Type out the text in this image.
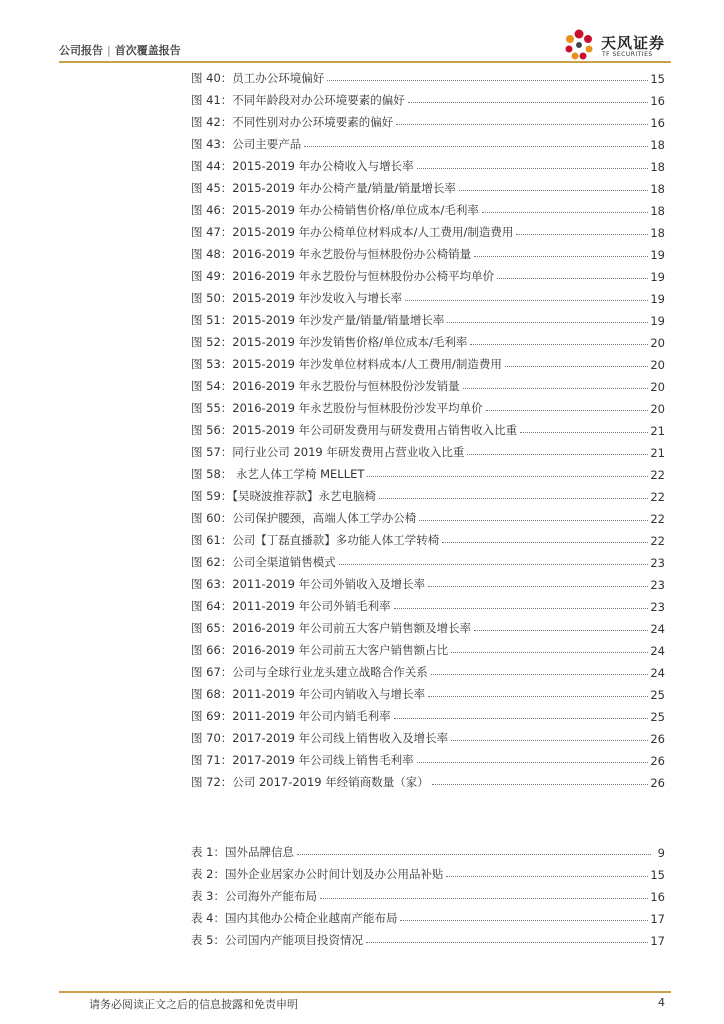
公司报告 | 首次覆盖报告	天风证券
TF SECURITIES
图 40：员工办公环境偏好	15
图 41：不同年龄段对办公环境要素的偏好	16
图 42：不同性别对办公环境要素的偏好	16
图 43：公司主要产品	18
图 44：2015-2019 年办公椅收入与增长率	18
图 45：2015-2019 年办公椅产量/销量/销量增长率	18
图 46：2015-2019 年办公椅销售价格/单位成本/毛利率	18
图 47：2015-2019 年办公椅单位材料成本/人工费用/制造费用	18
图 48：2016-2019 年永艺股份与恒林股份办公椅销量	19
图 49：2016-2019 年永艺股份与恒林股份办公椅平均单价	19
图 50：2015-2019 年沙发收入与增长率	19
图 51：2015-2019 年沙发产量/销量/销量增长率	19
图 52：2015-2019 年沙发销售价格/单位成本/毛利率	20
图 53：2015-2019 年沙发单位材料成本/人工费用/制造费用	20
图 54：2016-2019 年永艺股份与恒林股份沙发销量	20
图 55：2016-2019 年永艺股份与恒林股份沙发平均单价	20
图 56：2015-2019 年公司研发费用与研发费用占销售收入比重	21
图 57：同行业公司 2019 年研发费用占营业收入比重	21
图 58： 永艺人体工学椅 MELLET	22
图 59：【吴晓波推荐款】永艺电脑椅	22
图 60：公司保护腰颈，高端人体工学办公椅	22
图 61：公司【丁磊直播款】多功能人体工学转椅	22
图 62：公司全渠道销售模式	23
图 63：2011-2019 年公司外销收入及增长率	23
图 64：2011-2019 年公司外销毛利率	23
图 65：2016-2019 年公司前五大客户销售额及增长率	24
图 66：2016-2019 年公司前五大客户销售额占比	24
图 67：公司与全球行业龙头建立战略合作关系	24
图 68：2011-2019 年公司内销收入与增长率	25
图 69：2011-2019 年公司内销毛利率	25
图 70：2017-2019 年公司线上销售收入及增长率	26
图 71：2017-2019 年公司线上销售毛利率	26
图 72：公司 2017-2019 年经销商数量（家）	26
表 1：国外品牌信息	9
表 2：国外企业居家办公时间计划及办公用品补贴	15
表 3：公司海外产能布局	16
表 4：国内其他办公椅企业越南产能布局	17
表 5：公司国内产能项目投资情况	17
请务必阅读正文之后的信息披露和免责申明	4
